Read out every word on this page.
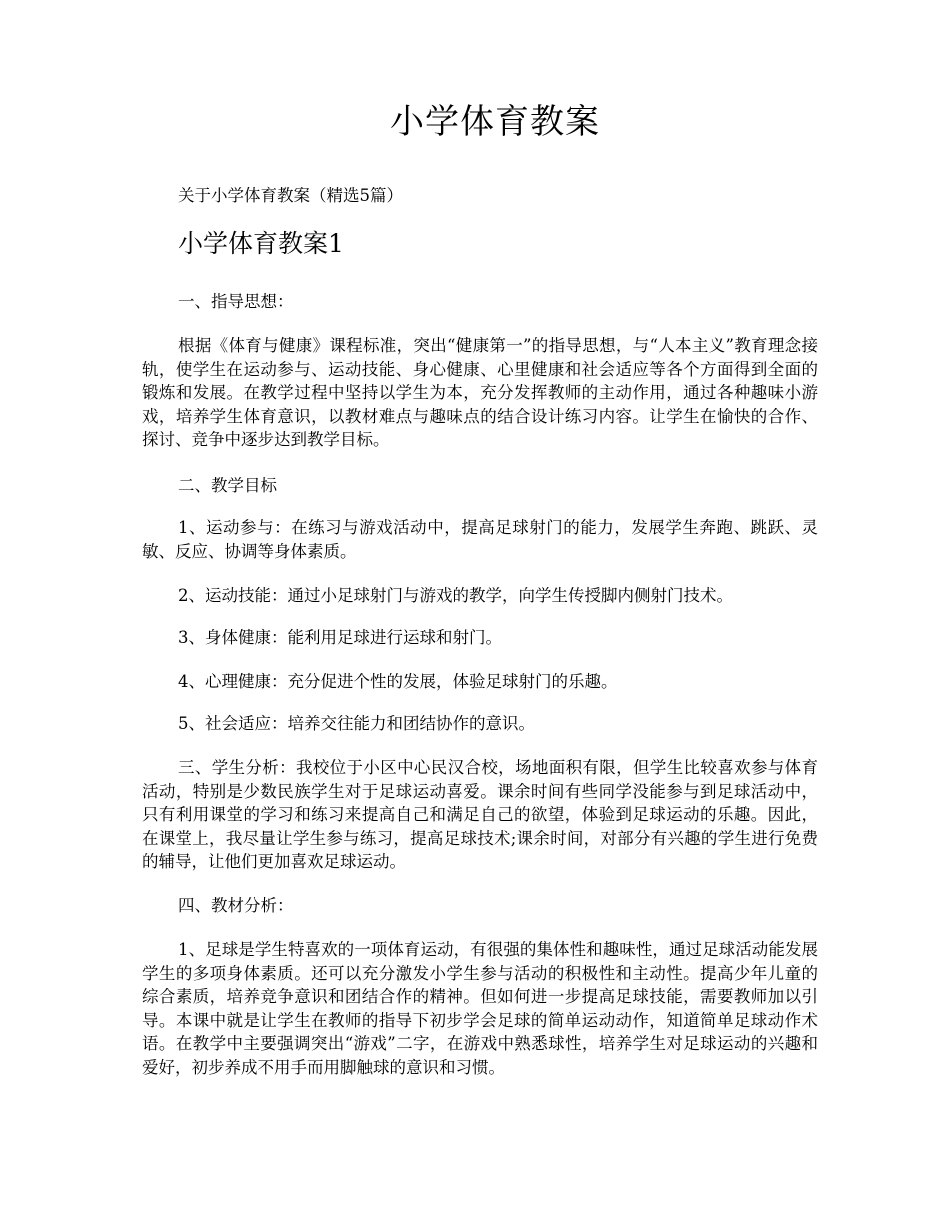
小学体育教案

关于小学体育教案（精选5篇）

小学体育教案1

一、指导思想：

根据《体育与健康》课程标准，突出“健康第一”的指导思想，与“人本主义”教育理念接轨，使学生在运动参与、运动技能、身心健康、心里健康和社会适应等各个方面得到全面的锻炼和发展。在教学过程中坚持以学生为本，充分发挥教师的主动作用，通过各种趣味小游戏，培养学生体育意识，以教材难点与趣味点的结合设计练习内容。让学生在愉快的合作、探讨、竞争中逐步达到教学目标。

二、教学目标

1、运动参与：在练习与游戏活动中，提高足球射门的能力，发展学生奔跑、跳跃、灵敏、反应、协调等身体素质。

2、运动技能：通过小足球射门与游戏的教学，向学生传授脚内侧射门技术。

3、身体健康：能利用足球进行运球和射门。

4、心理健康：充分促进个性的发展，体验足球射门的乐趣。

5、社会适应：培养交往能力和团结协作的意识。

三、学生分析：我校位于小区中心民汉合校，场地面积有限，但学生比较喜欢参与体育活动，特别是少数民族学生对于足球运动喜爱。课余时间有些同学没能参与到足球活动中，只有利用课堂的学习和练习来提高自己和满足自己的欲望，体验到足球运动的乐趣。因此，在课堂上，我尽量让学生参与练习，提高足球技术;课余时间，对部分有兴趣的学生进行免费的辅导，让他们更加喜欢足球运动。

四、教材分析：

1、足球是学生特喜欢的一项体育运动，有很强的集体性和趣味性，通过足球活动能发展学生的多项身体素质。还可以充分激发小学生参与活动的积极性和主动性。提高少年儿童的综合素质，培养竞争意识和团结合作的精神。但如何进一步提高足球技能，需要教师加以引导。本课中就是让学生在教师的指导下初步学会足球的简单运动动作，知道简单足球动作术语。在教学中主要强调突出“游戏”二字，在游戏中熟悉球性，培养学生对足球运动的兴趣和爱好，初步养成不用手而用脚触球的意识和习惯。
